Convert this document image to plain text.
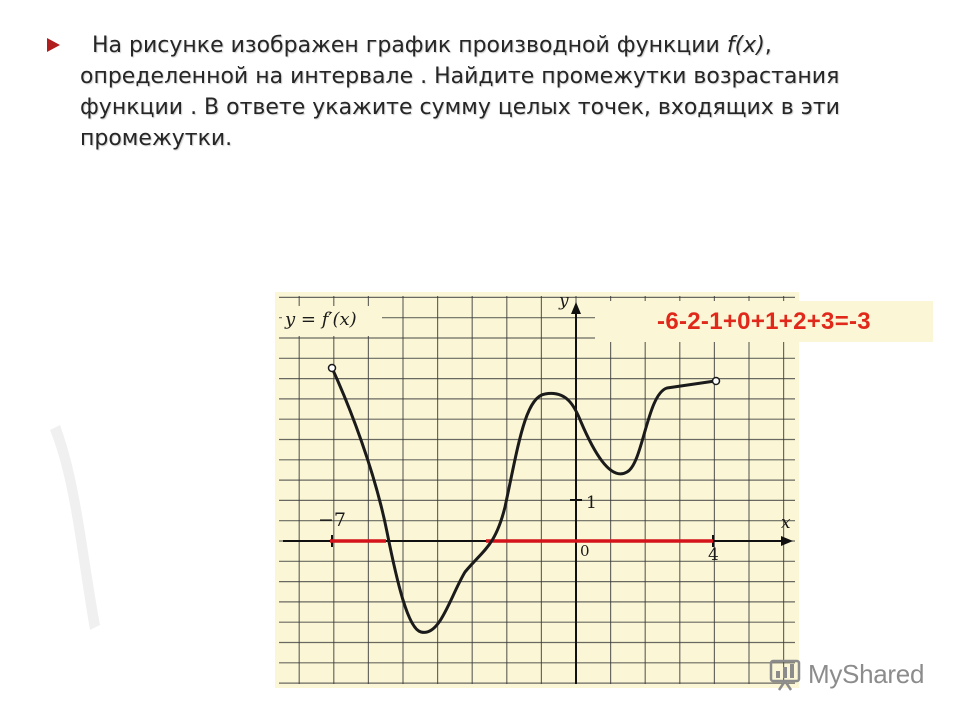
На рисунке изображен график производной функции f(x), определенной на интервале . Найдите промежутки возрастания функции . В ответе укажите сумму целых точек, входящих в эти промежутки.

x
y
−7
4
0
1
y = f′(x)	-6-2-1+0+1+2+3=-3
MyShared
